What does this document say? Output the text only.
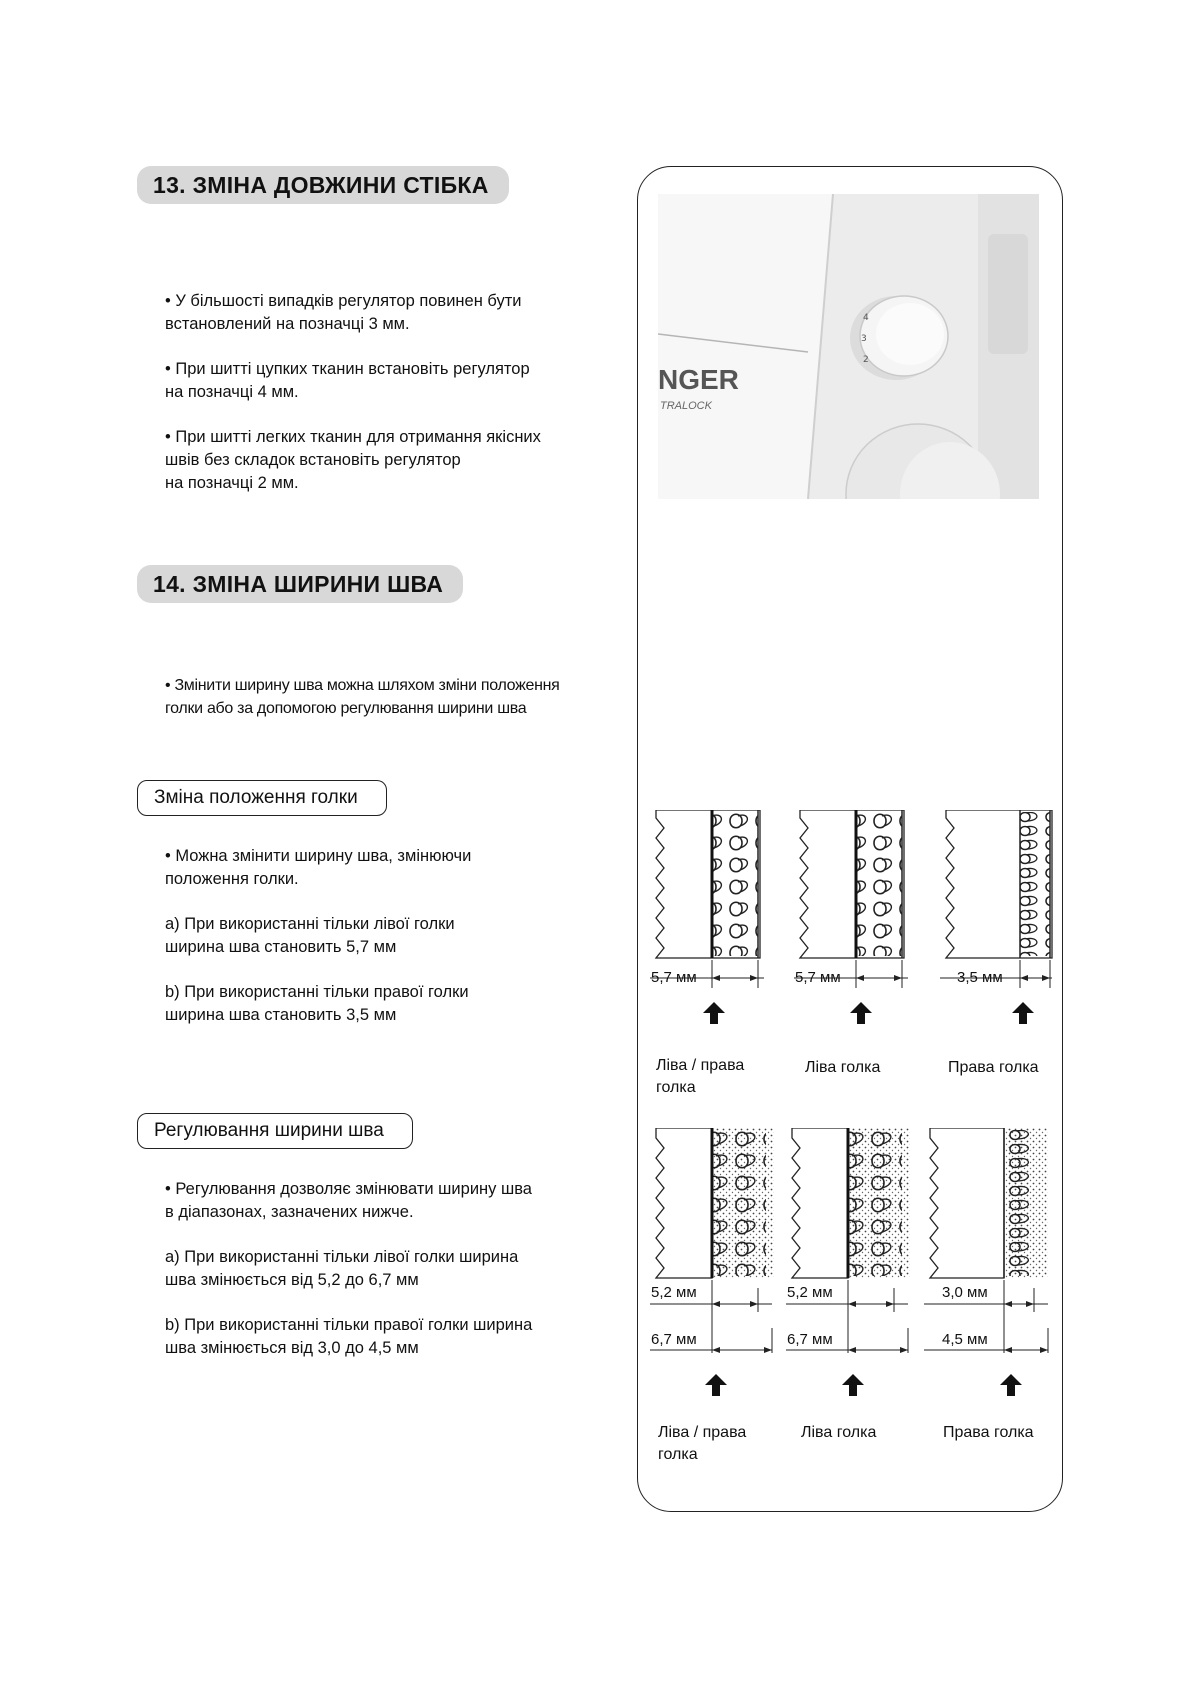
13. ЗМІНА ДОВЖИНИ СТІБКА
• У більшості випадків регулятор повинен бути
встановлений на позначці 3 мм.
• При шитті цупких тканин встановіть регулятор
на позначці 4 мм.
• При шитті легких тканин для отримання якісних
швів без складок встановіть регулятор
на позначці 2 мм.
4
3
2
NGER
TRALOCK
14. ЗМІНА ШИРИНИ ШВА
• Змінити ширину шва можна шляхом зміни положення
голки або за допомогою регулювання ширини шва
Зміна положення голки
• Можна змінити ширину шва, змінюючи
положення голки.
a) При використанні тільки лівої голки
ширина шва становить 5,7 мм
b) При використанні тільки правої голки
ширина шва становить 3,5 мм
Регулювання ширини шва
• Регулювання дозволяє змінювати ширину шва
в діапазонах, зазначених нижче.
a) При використанні тільки лівої голки ширина
шва змінюється від 5,2 до 6,7 мм
b) При використанні тільки правої голки ширина
шва змінюється від 3,0 до 4,5 мм
5,7 мм	5,7 мм	3,5 мм
Ліва / права
голка
Ліва голка	Права голка
5,2 мм	5,2 мм	3,0 мм
6,7 мм	6,7 мм	4,5 мм
Ліва / права
голка
Ліва голка	Права голка
